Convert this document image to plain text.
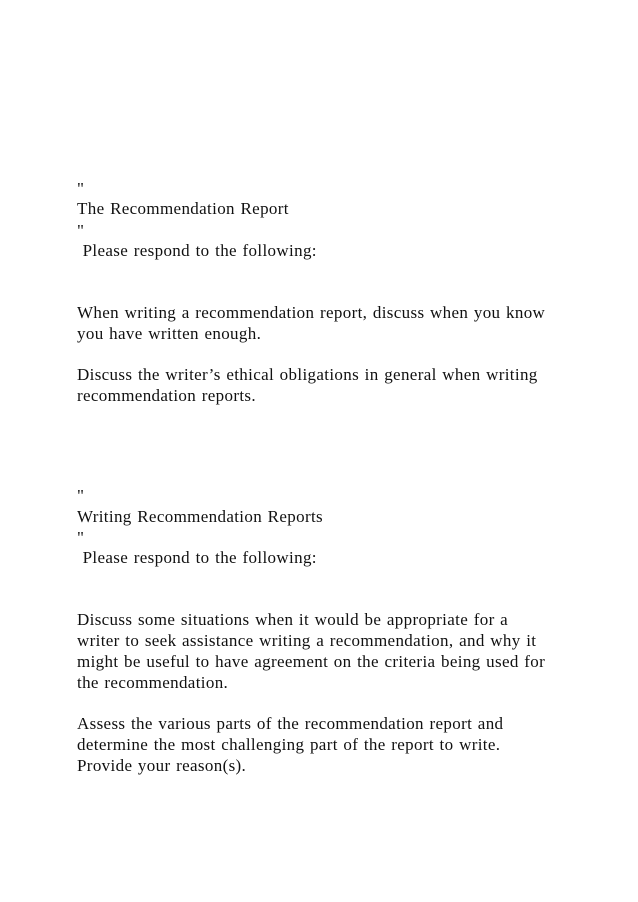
"
The Recommendation Report
"
Please respond to the following:
When writing a recommendation report, discuss when you know
you have written enough.
Discuss the writer’s ethical obligations in general when writing
recommendation reports.
"
Writing Recommendation Reports
"
Please respond to the following:
Discuss some situations when it would be appropriate for a
writer to seek assistance writing a recommendation, and why it
might be useful to have agreement on the criteria being used for
the recommendation.
Assess the various parts of the recommendation report and
determine the most challenging part of the report to write.
Provide your reason(s).
